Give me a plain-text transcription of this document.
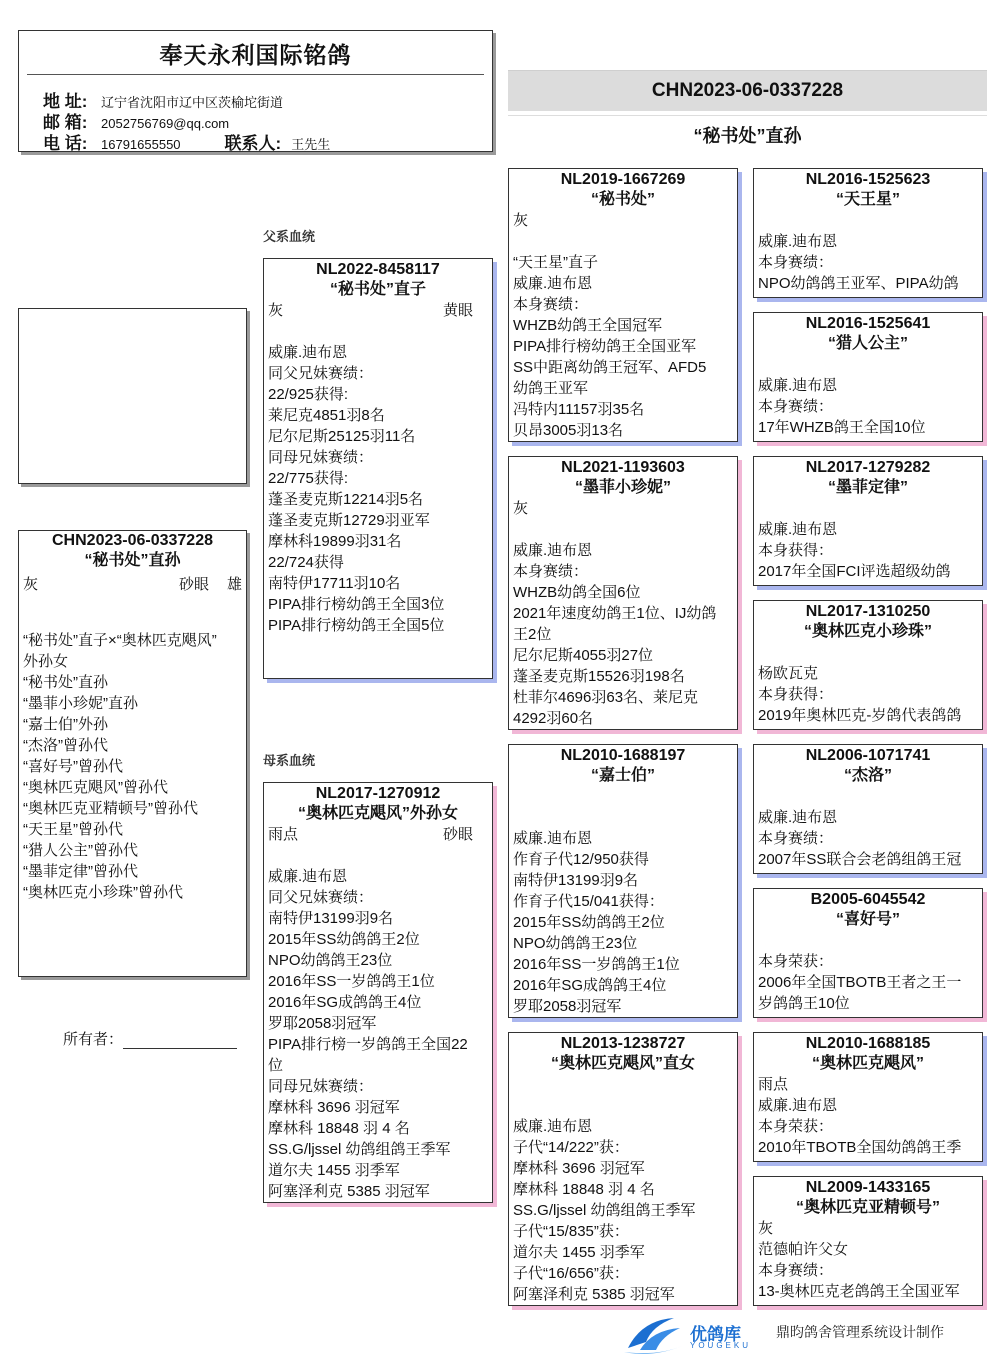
奉天永利国际铭鸽
地 址: 辽宁省沈阳市辽中区茨榆坨街道
邮 箱: 2052756769@qq.com
电 话: 16791655550	联系人: 王先生
CHN2023-06-0337228
“秘书处”直孙
父系血统
母系血统
CHN2023-06-0337228
“秘书处”直孙
灰	砂眼 雄
“秘书处”直子×“奥林匹克飓风”
外孙女
“秘书处”直孙
“墨菲小珍妮”直孙
“嘉士伯”外孙
“杰洛”曾孙代
“喜好号”曾孙代
“奥林匹克飓风”曾孙代
“奥林匹克亚精顿号”曾孙代
“天王星”曾孙代
“猎人公主”曾孙代
“墨菲定律”曾孙代
“奥林匹克小珍珠”曾孙代
所有者：
NL2022-8458117
“秘书处”直子
灰	黄眼

威廉.迪布恩
同父兄妹赛绩：
22/925获得:
莱尼克4851羽8名
尼尔尼斯25125羽11名
同母兄妹赛绩：
22/775获得:
蓬圣麦克斯12214羽5名
蓬圣麦克斯12729羽亚军
摩林科19899羽31名
22/724获得
南特伊17711羽10名
PIPA排行榜幼鸽王全国3位
PIPA排行榜幼鸽王全国5位
NL2017-1270912
“奥林匹克飓风”外孙女
雨点	砂眼

威廉.迪布恩
同父兄妹赛绩：
南特伊13199羽9名
2015年SS幼鸽鸽王2位
NPO幼鸽鸽王23位
2016年SS一岁鸽鸽王1位
2016年SG成鸽鸽王4位
罗耶2058羽冠军
PIPA排行榜一岁鸽鸽王全国22
位
同母兄妹赛绩：
摩林科 3696 羽冠军
摩林科 18848 羽 4 名
SS.G/ljssel 幼鸽组鸽王季军
道尔夫 1455 羽季军
阿塞泽利克 5385 羽冠军
NL2019-1667269
“秘书处”
灰

“天王星”直子
威廉.迪布恩
本身赛绩：
WHZB幼鸽王全国冠军
PIPA排行榜幼鸽王全国亚军
SS中距离幼鸽王冠军、AFD5
幼鸽王亚军
冯特内11157羽35名
贝昂3005羽13名
NL2021-1193603
“墨菲小珍妮”
灰

威廉.迪布恩
本身赛绩：
WHZB幼鸽全国6位
2021年速度幼鸽王1位、IJ幼鸽
王2位
尼尔尼斯4055羽27位
蓬圣麦克斯15526羽198名
杜菲尔4696羽63名、莱尼克
4292羽60名
NL2010-1688197
“嘉士伯”

威廉.迪布恩
作育子代12/950获得
南特伊13199羽9名
作育子代15/041获得：
2015年SS幼鸽鸽王2位
NPO幼鸽鸽王23位
2016年SS一岁鸽鸽王1位
2016年SG成鸽鸽王4位
罗耶2058羽冠军
NL2013-1238727
“奥林匹克飓风”直女

威廉.迪布恩
子代“14/222”获：
摩林科 3696 羽冠军
摩林科 18848 羽 4 名
SS.G/ljssel 幼鸽组鸽王季军
子代“15/835”获：
道尔夫 1455 羽季军
子代“16/656”获：
阿塞泽利克 5385 羽冠军
NL2016-1525623
“天王星”

威廉.迪布恩
本身赛绩：
NPO幼鸽鸽王亚军、PIPA幼鸽
NL2016-1525641
“猎人公主”

威廉.迪布恩
本身赛绩：
17年WHZB鸽王全国10位
NL2017-1279282
“墨菲定律”

威廉.迪布恩
本身获得：
2017年全国FCI评选超级幼鸽
NL2017-1310250
“奥林匹克小珍珠”

杨欧瓦克
本身获得：
2019年奥林匹克-岁鸽代表鸽鸽
NL2006-1071741
“杰洛”

威廉.迪布恩
本身赛绩：
2007年SS联合会老鸽组鸽王冠
B2005-6045542
“喜好号”

本身荣获：
2006年全国TBOTB王者之王一
岁鸽鸽王10位
NL2010-1688185
“奥林匹克飓风”
雨点
威廉.迪布恩
本身荣获：
2010年TBOTB全国幼鸽鸽王季
NL2009-1433165
“奥林匹克亚精顿号”
灰
范德帕许父女
本身赛绩：
13-奥林匹克老鸽鸽王全国亚军
优鸽库
YOUGEKU
鼎昀鸽舍管理系统设计制作
